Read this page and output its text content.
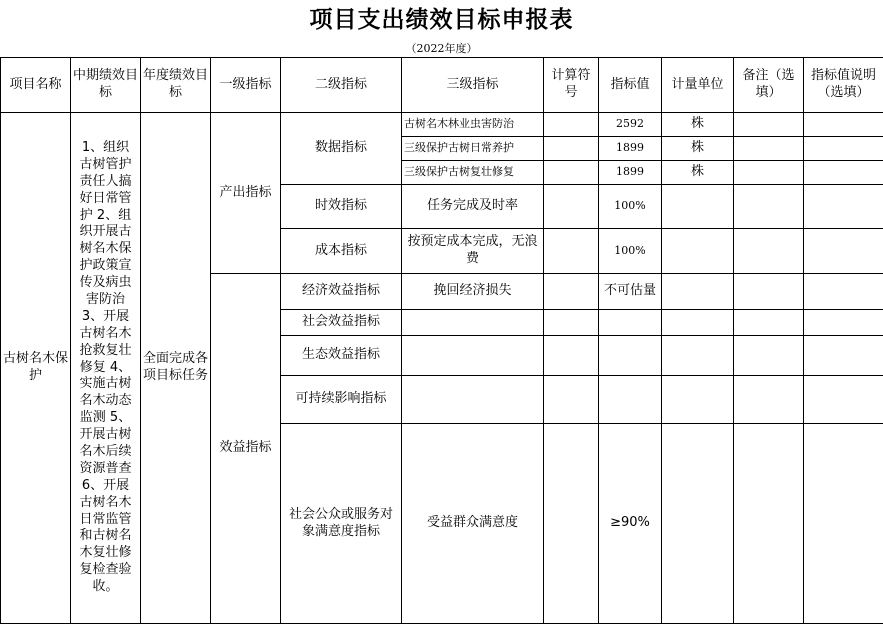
项目支出绩效目标申报表
（2022年度）
项目名称	中期绩效目标	年度绩效目标	一级指标	二级指标	三级指标	计算符号	指标值	计量单位	备注（选填）	指标值说明（选填）
古树名木保护	1、组织古树管护责任人搞好日常管护 2、组织开展古树名木保护政策宣传及病虫害防治 3、开展古树名木抢救复壮修复 4、实施古树名木动态监测 5、开展古树名木后续资源普查 6、开展古树名木日常监管和古树名木复壮修复检查验收。	全面完成各项目标任务	产出指标	数据指标	古树名木林业虫害防治		2592	株		
					三级保护古树日常养护		1899	株		
					三级保护古树复壮修复		1899	株		
				时效指标	任务完成及时率		100%			
				成本指标	按预定成本完成，无浪费		100%			
			效益指标	经济效益指标	挽回经济损失		不可估量			
				社会效益指标						
				生态效益指标						
				可持续影响指标						
				社会公众或服务对象满意度指标	受益群众满意度		≥90%			
